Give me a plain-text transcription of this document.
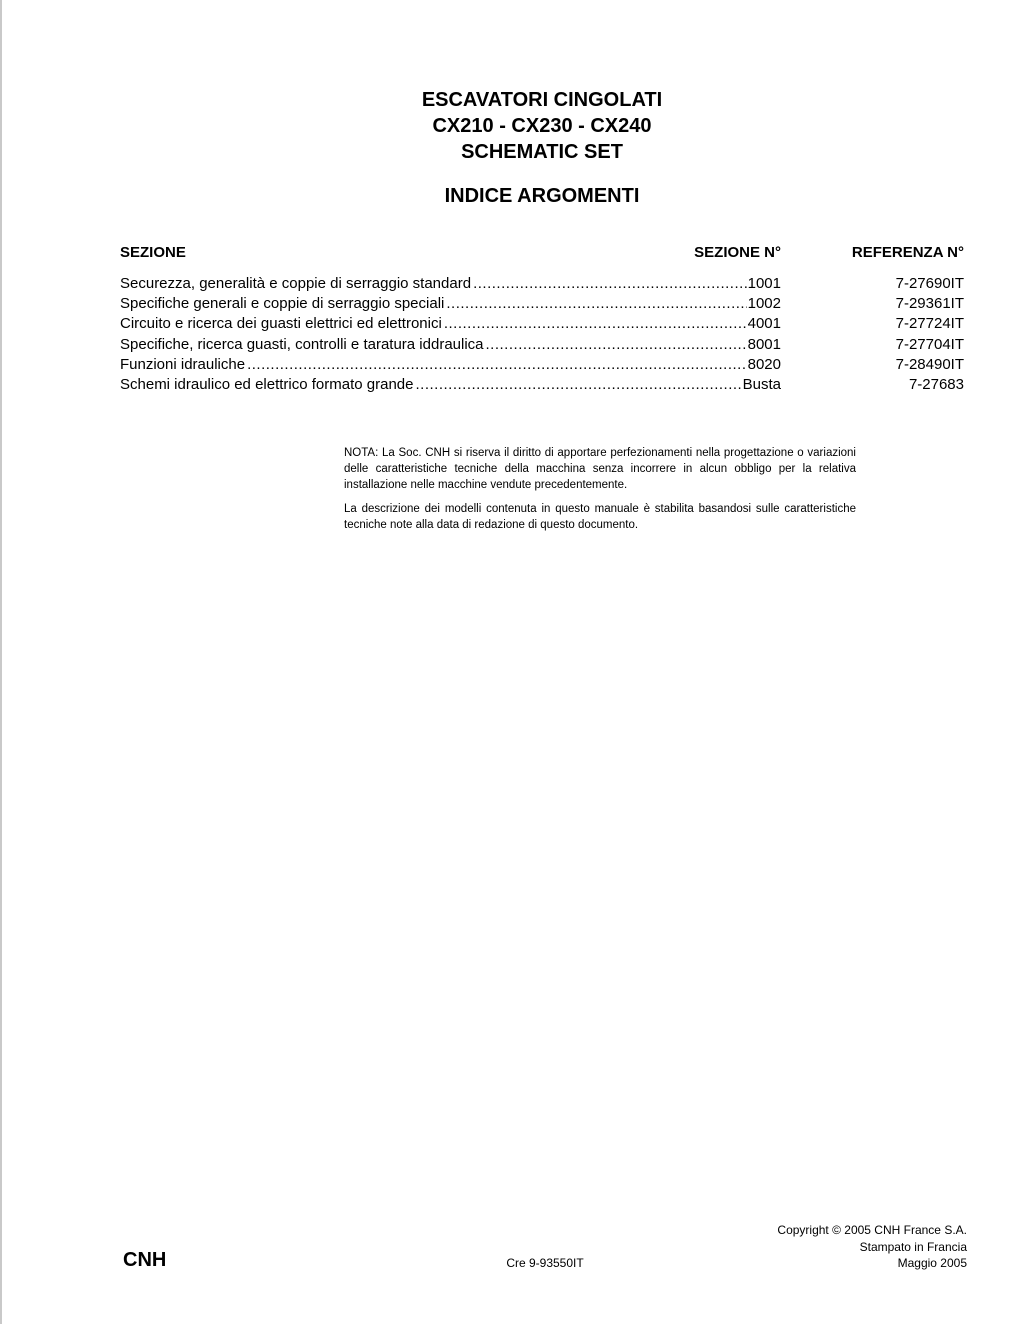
ESCAVATORI CINGOLATI
CX210 - CX230 - CX240
SCHEMATIC SET
INDICE ARGOMENTI
SEZIONE	SEZIONE N°	REFERENZA N°
Securezza, generalità e coppie di serraggio standard .....	1001	7-27690IT
Specifiche generali e coppie di serraggio speciali .....	1002	7-29361IT
Circuito e ricerca dei guasti elettrici ed elettronici .....	4001	7-27724IT
Specifiche, ricerca guasti, controlli e taratura iddraulica .....	8001	7-27704IT
Funzioni idrauliche .....	8020	7-28490IT
Schemi idraulico ed elettrico formato grande .....	Busta	7-27683

NOTA: La Soc. CNH si riserva il diritto di apportare perfezionamenti nella progettazione o variazioni delle caratteristiche tecniche della macchina senza incorrere in alcun obbligo per la relativa installazione nelle macchine vendute precedentemente.

La descrizione dei modelli contenuta in questo manuale è stabilita basandosi sulle caratteristiche tecniche note alla data di redazione di questo documento.

CNH	Cre 9-93550IT
Copyright © 2005 CNH France S.A.
Stampato in Francia
Maggio 2005
